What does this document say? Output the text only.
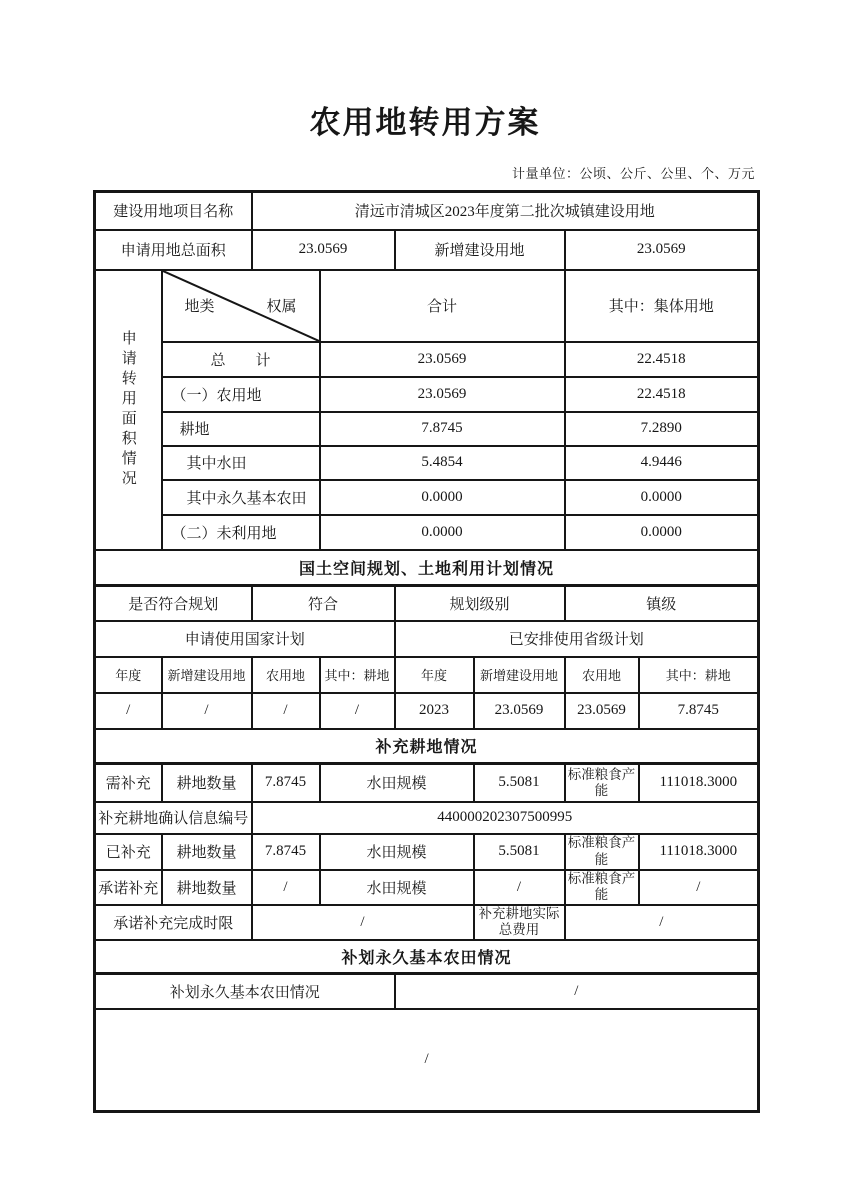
农用地转用方案
计量单位：公顷、公斤、公里、个、万元
建设用地项目名称		清远市清城区2023年度第二批次城镇建设用地					
申请用地总面积		23.0569		新增建设用地		23.0569	

申请转用面积情况	地类 权属		合计			其中：集体用地	
	总　　计		23.0569			22.4518	
	（一）农用地		23.0569			22.4518	
	耕地		7.8745			7.2890	
	其中水田		5.4854			4.9446	
	其中永久基本农田		0.0000			0.0000	
	（二）未利用地		0.0000			0.0000	
国土空间规划、土地利用计划情况							
是否符合规划		符合		规划级别		镇级	
申请使用国家计划				已安排使用省级计划			
年度	新增建设用地	农用地	其中：耕地	年度	新增建设用地	农用地	其中：耕地
/	/	/	/	2023	23.0569	23.0569	7.8745
补充耕地情况							
需补充	耕地数量	7.8745	水田规模		5.5081	标准粮食产能	111018.3000
补充耕地确认信息编号		440000202307500995					
已补充	耕地数量	7.8745	水田规模		5.5081	标准粮食产能	111018.3000
承诺补充	耕地数量	/	水田规模		/	标准粮食产能	/
承诺补充完成时限		/			补充耕地实际总费用	/	
补划永久基本农田情况							
补划永久基本农田情况				/			
/							
